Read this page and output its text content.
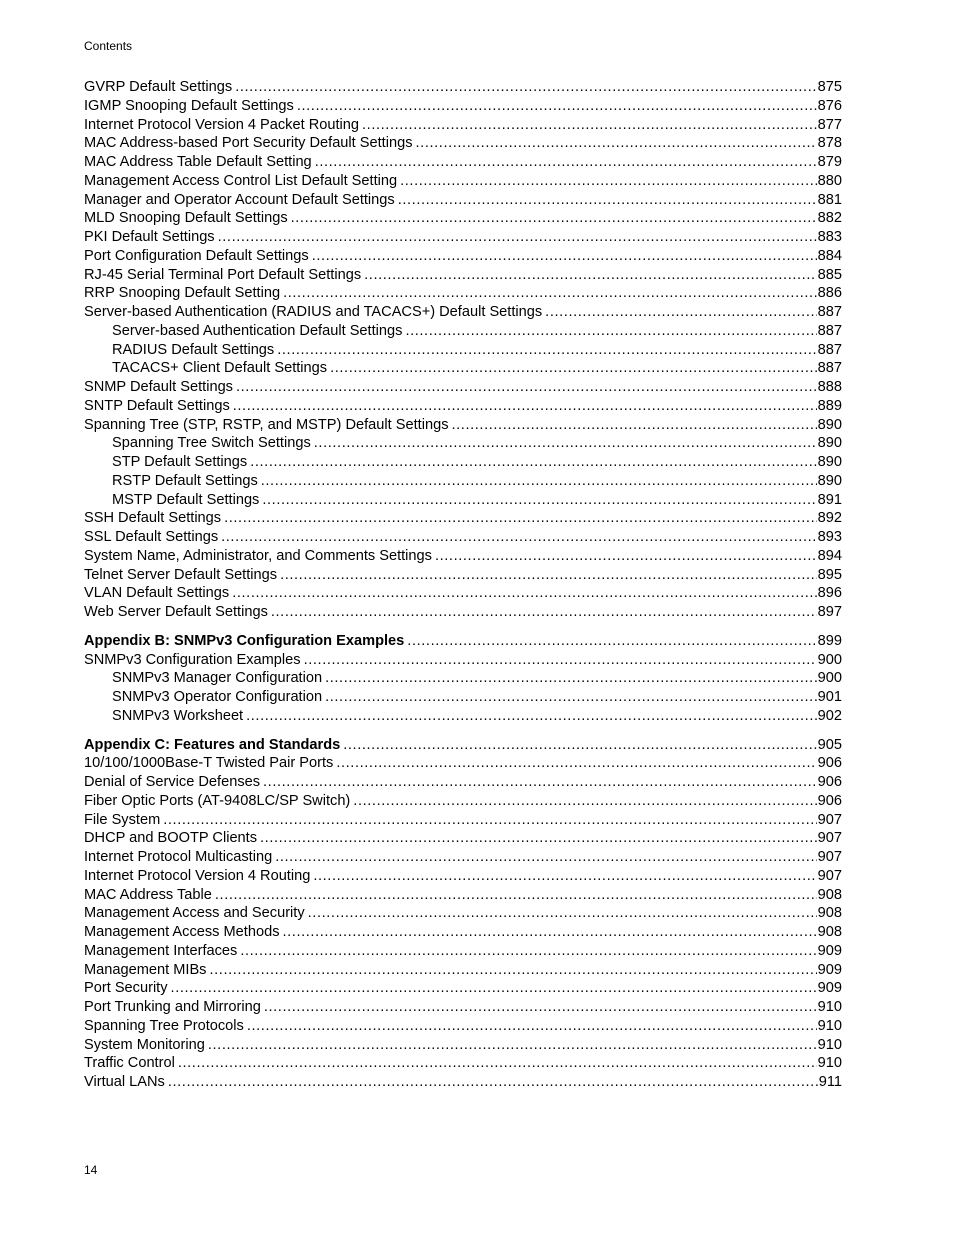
Contents
GVRP Default Settings .....	875
IGMP Snooping Default Settings .....	876
Internet Protocol Version 4 Packet Routing .....	877
MAC Address-based Port Security Default Settings .....	878
MAC Address Table Default Setting .....	879
Management Access Control List Default Setting .....	880
Manager and Operator Account Default Settings .....	881
MLD Snooping Default Settings .....	882
PKI Default Settings .....	883
Port Configuration Default Settings .....	884
RJ-45 Serial Terminal Port Default Settings .....	885
RRP Snooping Default Setting .....	886
Server-based Authentication (RADIUS and TACACS+) Default Settings .....	887
Server-based Authentication Default Settings .....	887
RADIUS Default Settings .....	887
TACACS+ Client Default Settings .....	887
SNMP Default Settings .....	888
SNTP Default Settings .....	889
Spanning Tree (STP, RSTP, and MSTP) Default Settings .....	890
Spanning Tree Switch Settings .....	890
STP Default Settings .....	890
RSTP Default Settings .....	890
MSTP Default Settings .....	891
SSH Default Settings .....	892
SSL Default Settings .....	893
System Name, Administrator, and Comments Settings .....	894
Telnet Server Default Settings .....	895
VLAN Default Settings .....	896
Web Server Default Settings .....	897
Appendix B: SNMPv3 Configuration Examples .....	899
SNMPv3 Configuration Examples .....	900
SNMPv3 Manager Configuration .....	900
SNMPv3 Operator Configuration .....	901
SNMPv3 Worksheet .....	902
Appendix C: Features and Standards .....	905
10/100/1000Base-T Twisted Pair Ports .....	906
Denial of Service Defenses .....	906
Fiber Optic Ports (AT-9408LC/SP Switch) .....	906
File System .....	907
DHCP and BOOTP Clients .....	907
Internet Protocol Multicasting .....	907
Internet Protocol Version 4 Routing .....	907
MAC Address Table .....	908
Management Access and Security .....	908
Management Access Methods .....	908
Management Interfaces .....	909
Management MIBs .....	909
Port Security .....	909
Port Trunking and Mirroring .....	910
Spanning Tree Protocols .....	910
System Monitoring .....	910
Traffic Control .....	910
Virtual LANs .....	911
14
